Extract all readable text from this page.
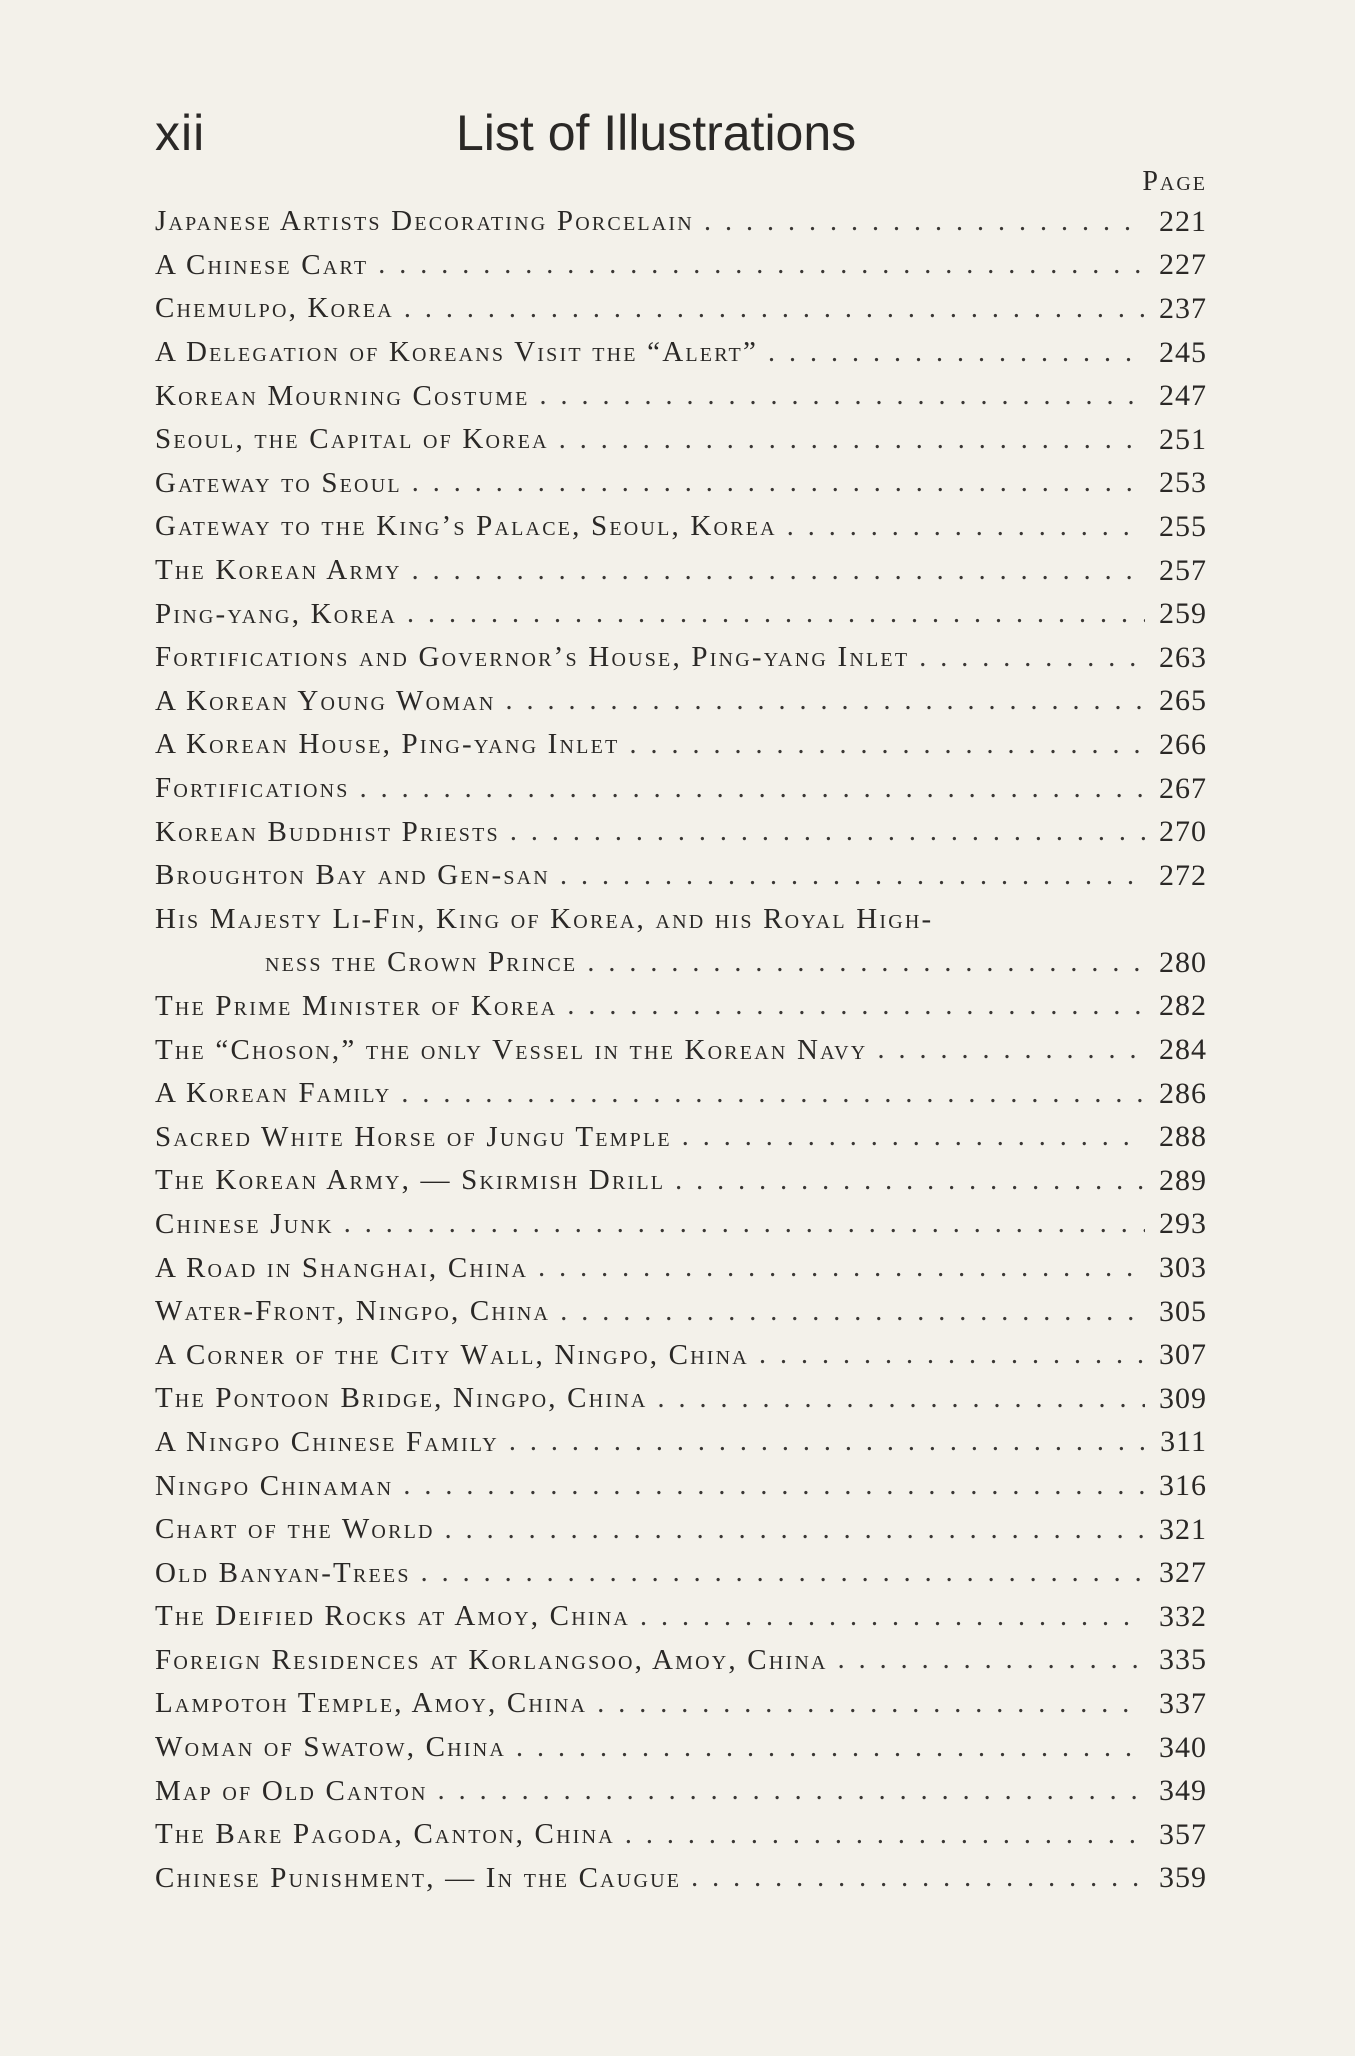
xii	List of Illustrations
Page
Japanese Artists Decorating Porcelain . . .	221
A Chinese Cart . . .	227
Chemulpo, Korea . . .	237
A Delegation of Koreans Visit the “Alert” . . .	245
Korean Mourning Costume . . .	247
Seoul, the Capital of Korea . . .	251
Gateway to Seoul . . .	253
Gateway to the King’s Palace, Seoul, Korea . . .	255
The Korean Army . . .	257
Ping-yang, Korea . . .	259
Fortifications and Governor’s House, Ping-yang Inlet . . .	263
A Korean Young Woman . . .	265
A Korean House, Ping-yang Inlet . . .	266
Fortifications . . .	267
Korean Buddhist Priests . . .	270
Broughton Bay and Gen-san . . .	272
His Majesty Li-Fin, King of Korea, and his Royal High-
ness the Crown Prince . . .	280
The Prime Minister of Korea . . .	282
The “Choson,” the only Vessel in the Korean Navy . . .	284
A Korean Family . . .	286
Sacred White Horse of Jungu Temple . . .	288
The Korean Army, — Skirmish Drill . . .	289
Chinese Junk . . .	293
A Road in Shanghai, China . . .	303
Water-Front, Ningpo, China . . .	305
A Corner of the City Wall, Ningpo, China . . .	307
The Pontoon Bridge, Ningpo, China . . .	309
A Ningpo Chinese Family . . .	311
Ningpo Chinaman . . .	316
Chart of the World . . .	321
Old Banyan-Trees . . .	327
The Deified Rocks at Amoy, China . . .	332
Foreign Residences at Korlangsoo, Amoy, China . . .	335
Lampotoh Temple, Amoy, China . . .	337
Woman of Swatow, China . . .	340
Map of Old Canton . . .	349
The Bare Pagoda, Canton, China . . .	357
Chinese Punishment, — In the Caugue . . .	359
